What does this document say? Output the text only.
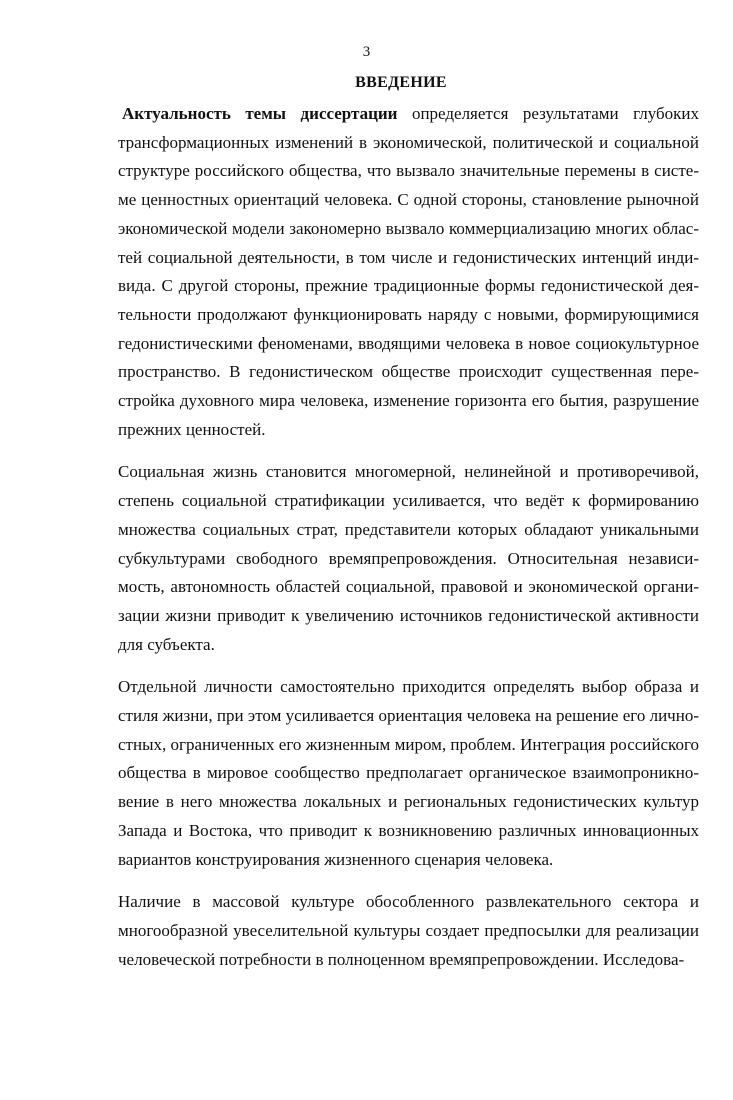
3
ВВЕДЕНИЕ

Актуальность темы диссертации определяется результатами глубоких трансформационных изменений в экономической, политической и социальной структуре российского общества, что вызвало значительные перемены в системе ценностных ориентаций человека. С одной стороны, становление рыночной экономической модели закономерно вызвало коммерциализацию многих областей социальной деятельности, в том числе и гедонистических интенций индивида. С другой стороны, прежние традиционные формы гедонистической деятельности продолжают функционировать наряду с новыми, формирующимися гедонистическими феноменами, вводящими человека в новое социокультурное пространство. В гедонистическом обществе происходит существенная перестройка духовного мира человека, изменение горизонта его бытия, разрушение прежних ценностей.

Социальная жизнь становится многомерной, нелинейной и противоречивой, степень социальной стратификации усиливается, что ведёт к формированию множества социальных страт, представители которых обладают уникальными субкультурами свободного времяпрепровождения. Относительная независимость, автономность областей социальной, правовой и экономической организации жизни приводит к увеличению источников гедонистической активности для субъекта.

Отдельной личности самостоятельно приходится определять выбор образа и стиля жизни, при этом усиливается ориентация человека на решение его личностных, ограниченных его жизненным миром, проблем. Интеграция российского общества в мировое сообщество предполагает органическое взаимопроникновение в него множества локальных и региональных гедонистических культур Запада и Востока, что приводит к возникновению различных инновационных вариантов конструирования жизненного сценария человека.

Наличие в массовой культуре обособленного развлекательного сектора и многообразной увеселительной культуры создает предпосылки для реализации человеческой потребности в полноценном времяпрепровождении. Исследова-
